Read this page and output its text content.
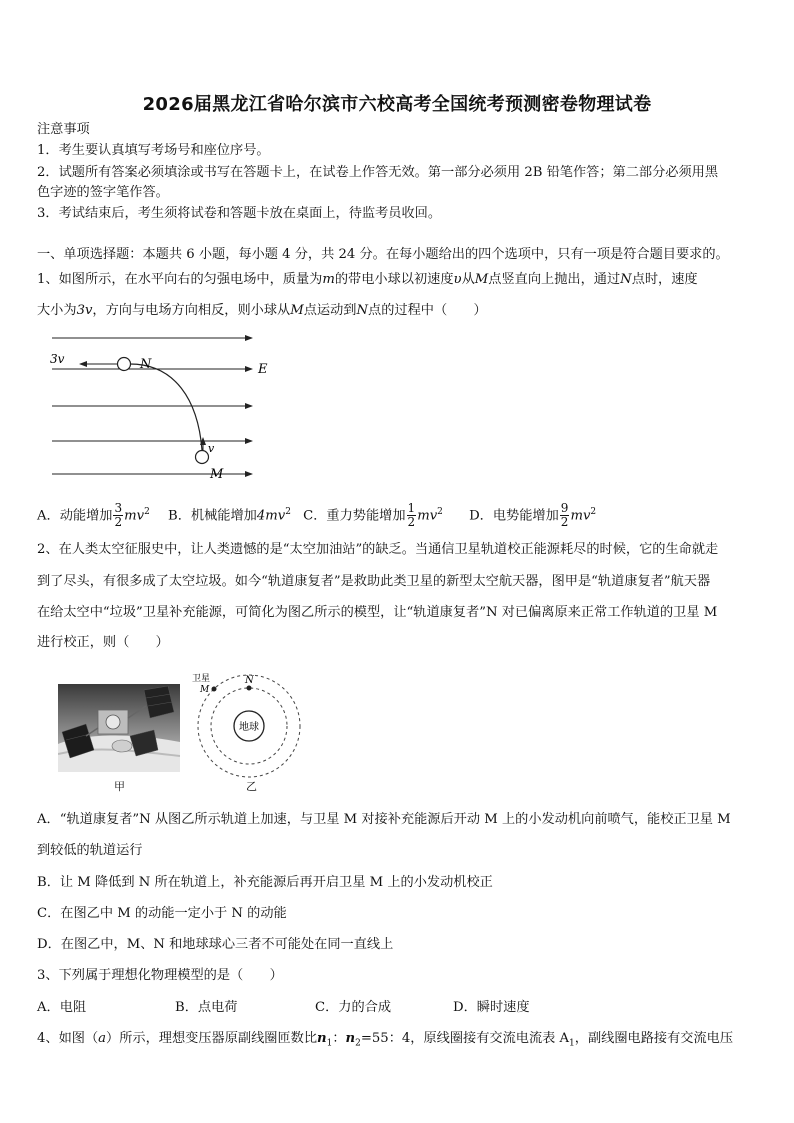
2026届黑龙江省哈尔滨市六校高考全国统考预测密卷物理试卷
注意事项
1．考生要认真填写考场号和座位序号。
2．试题所有答案必须填涂或书写在答题卡上，在试卷上作答无效。第一部分必须用 2B 铅笔作答；第二部分必须用黑
色字迹的签字笔作答。
3．考试结束后，考生须将试卷和答题卡放在桌面上，待监考员收回。
一、单项选择题：本题共 6 小题，每小题 4 分，共 24 分。在每小题给出的四个选项中，只有一项是符合题目要求的。
1、如图所示，在水平向右的匀强电场中，质量为m的带电小球以初速度υ从M点竖直向上抛出，通过N点时，速度
大小为3v，方向与电场方向相反，则小球从M点运动到N点的过程中（　　）
3v	N	E
v
M
A．动能增加 $\frac{3}{2} mv^2$ B．机械能增加$4mv^2$ C．重力势能增加 $\frac{1}{2} mv^2$ D．电势能增加 $\frac{9}{2} mv^2$
2、在人类太空征服史中，让人类遗憾的是“太空加油站”的缺乏。当通信卫星轨道校正能源耗尽的时候，它的生命就走
到了尽头，有很多成了太空垃圾。如今“轨道康复者”是救助此类卫星的新型太空航天器，图甲是“轨道康复者”航天器
在给太空中“垃圾”卫星补充能源，可简化为图乙所示的模型，让“轨道康复者”N 对已偏离原来正常工作轨道的卫星 M
进行校正，则（　　）
甲
地球
N
卫星
M
乙
A．“轨道康复者”N 从图乙所示轨道上加速，与卫星 M 对接补充能源后开动 M 上的小发动机向前喷气，能校正卫星 M
到较低的轨道运行
B．让 M 降低到 N 所在轨道上，补充能源后再开启卫星 M 上的小发动机校正
C．在图乙中 M 的动能一定小于 N 的动能
D．在图乙中，M、N 和地球球心三者不可能处在同一直线上
3、下列属于理想化物理模型的是（　　）
A．电阻	B．点电荷	C．力的合成	D．瞬时速度
4、如图（a）所示，理想变压器原副线圈匝数比$n_1$：$n_2=55$：4，原线圈接有交流电流表 $A_1$，副线圈电路接有交流电压
